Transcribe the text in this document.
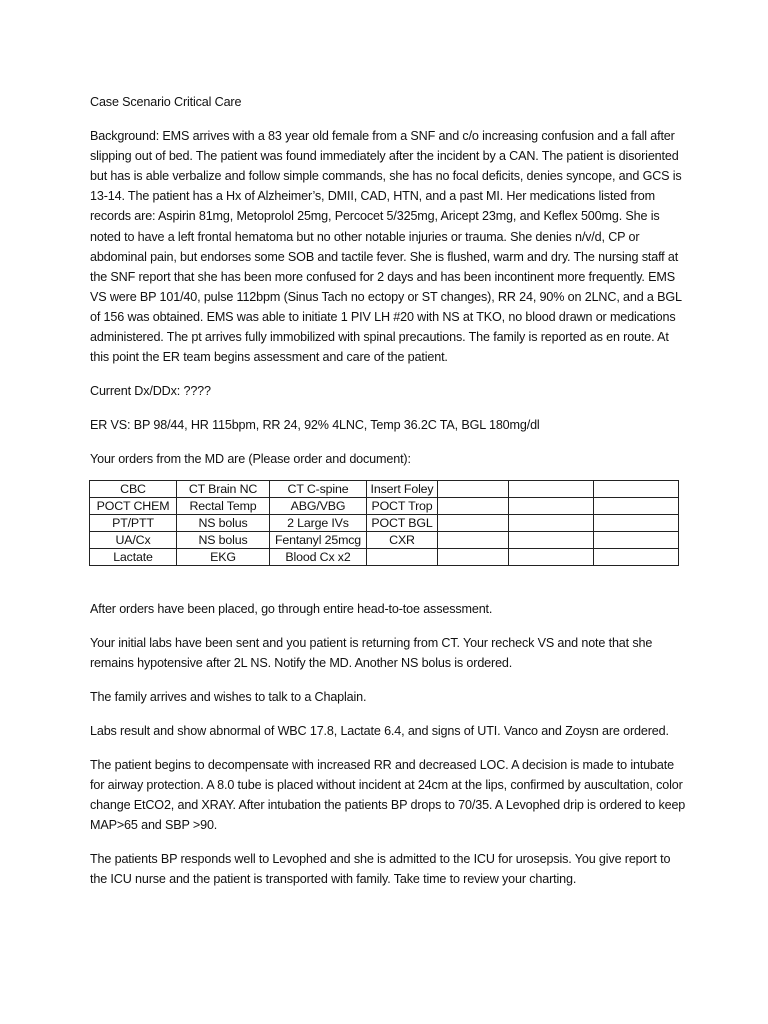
Case Scenario Critical Care

Background: EMS arrives with a 83 year old female from a SNF and c/o increasing confusion and a fall after slipping out of bed. The patient was found immediately after the incident by a CAN. The patient is disoriented but has is able verbalize and follow simple commands, she has no focal deficits, denies syncope, and GCS is 13-14. The patient has a Hx of Alzheimer’s, DMII, CAD, HTN, and a past MI. Her medications listed from records are: Aspirin 81mg, Metoprolol 25mg, Percocet 5/325mg, Aricept 23mg, and Keflex 500mg. She is noted to have a left frontal hematoma but no other notable injuries or trauma. She denies n/v/d, CP or abdominal pain, but endorses some SOB and tactile fever. She is flushed, warm and dry. The nursing staff at the SNF report that she has been more confused for 2 days and has been incontinent more frequently. EMS VS were BP 101/40, pulse 112bpm (Sinus Tach no ectopy or ST changes), RR 24, 90% on 2LNC, and a BGL of 156 was obtained. EMS was able to initiate 1 PIV LH #20 with NS at TKO, no blood drawn or medications administered. The pt arrives fully immobilized with spinal precautions. The family is reported as en route. At this point the ER team begins assessment and care of the patient.

Current Dx/DDx: ????

ER VS: BP 98/44, HR 115bpm, RR 24, 92% 4LNC, Temp 36.2C TA, BGL 180mg/dl

Your orders from the MD are (Please order and document):

CBC	CT Brain NC	CT C-spine	Insert Foley			
POCT CHEM	Rectal Temp	ABG/VBG	POCT Trop			
PT/PTT	NS bolus	2 Large IVs	POCT BGL			
UA/Cx	NS bolus	Fentanyl 25mcg	CXR			
Lactate	EKG	Blood Cx x2				

After orders have been placed, go through entire head-to-toe assessment.

Your initial labs have been sent and you patient is returning from CT. Your recheck VS and note that she remains hypotensive after 2L NS. Notify the MD. Another NS bolus is ordered.

The family arrives and wishes to talk to a Chaplain.

Labs result and show abnormal of WBC 17.8, Lactate 6.4, and signs of UTI. Vanco and Zoysn are ordered.

The patient begins to decompensate with increased RR and decreased LOC. A decision is made to intubate for airway protection. A 8.0 tube is placed without incident at 24cm at the lips, confirmed by auscultation, color change EtCO2, and XRAY. After intubation the patients BP drops to 70/35. A Levophed drip is ordered to keep MAP>65 and SBP >90.

The patients BP responds well to Levophed and she is admitted to the ICU for urosepsis. You give report to the ICU nurse and the patient is transported with family. Take time to review your charting.
